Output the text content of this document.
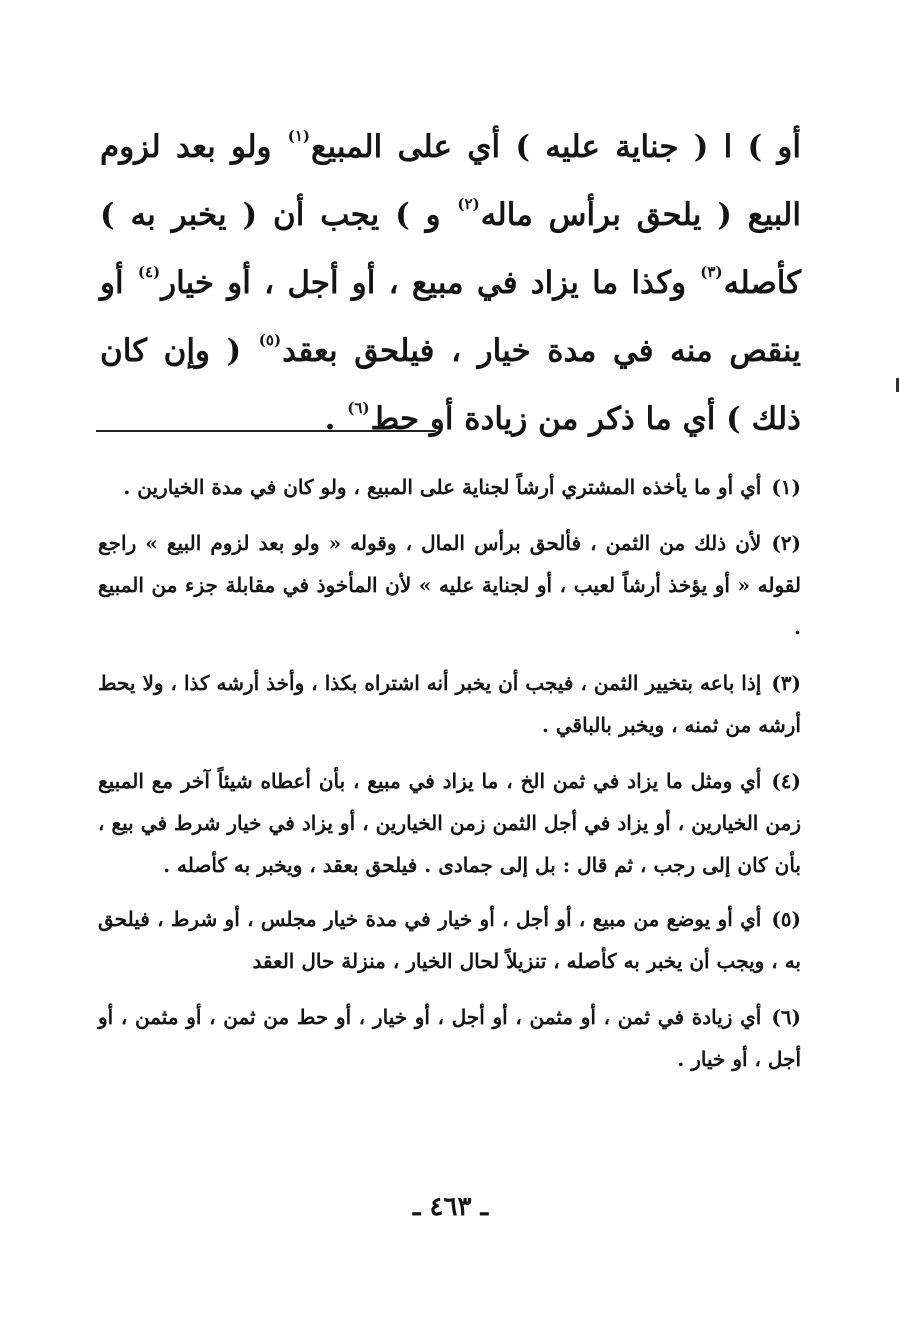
أو ) ا ( جناية عليه ) أي على المبيع$^{(١)}$ ولو بعد لزوم البيع ( يلحق برأس ماله$^{(٢)}$ و ) يجب أن ( يخبر به ) كأصله$^{(٣)}$ وكذا ما يزاد في مبيع ، أو أجل ، أو خيار$^{(٤)}$ أو ينقص منه في مدة خيار ، فيلحق بعقد$^{(٥)}$ ( وإن كان ذلك ) أي ما ذكر من زيادة أو حط$^{(٦)}$ .

(١)أي أو ما يأخذه المشتري أرشاً لجناية على المبيع ، ولو كان في مدة الخيارين .
(٢)لأن ذلك من الثمن ، فألحق برأس المال ، وقوله « ولو بعد لزوم البيع » راجع لقوله « أو يؤخذ أرشاً لعيب ، أو لجناية عليه » لأن المأخوذ في مقابلة جزء من المبيع .
(٣)إذا باعه بتخيير الثمن ، فيجب أن يخبر أنه اشتراه بكذا ، وأخذ أرشه كذا ، ولا يحط أرشه من ثمنه ، ويخبر بالباقي .
(٤)أي ومثل ما يزاد في ثمن الخ ، ما يزاد في مبيع ، بأن أعطاه شيئاً آخر مع المبيع زمن الخيارين ، أو يزاد في أجل الثمن زمن الخيارين ، أو يزاد في خيار شرط في بيع ، بأن كان إلى رجب ، ثم قال : بل إلى جمادى . فيلحق بعقد ، ويخبر به كأصله .
(٥)أي أو يوضع من مبيع ، أو أجل ، أو خيار في مدة خيار مجلس ، أو شرط ، فيلحق به ، ويجب أن يخبر به كأصله ، تنزيلاً لحال الخيار ، منزلة حال العقد
(٦)أي زيادة في ثمن ، أو مثمن ، أو أجل ، أو خيار ، أو حط من ثمن ، أو مثمن ، أو أجل ، أو خيار .
ـ ٤٦٣ ـ
